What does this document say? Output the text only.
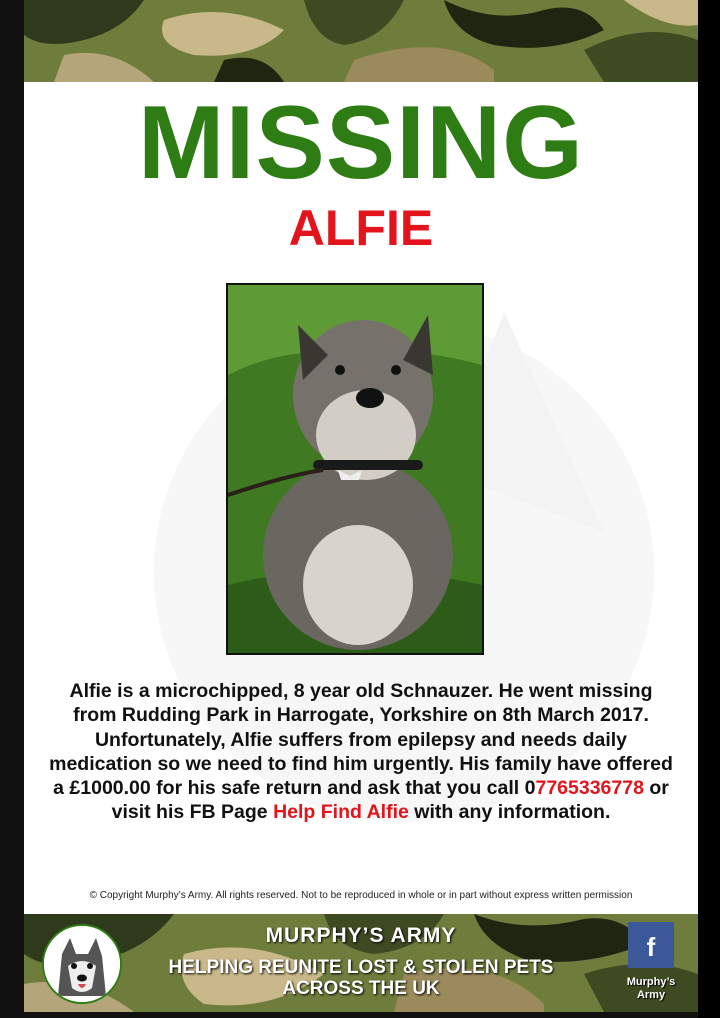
MISSING
ALFIE
Alfie is a microchipped, 8 year old Schnauzer. He went missing from Rudding Park in Harrogate, Yorkshire on 8th March 2017. Unfortunately, Alfie suffers from epilepsy and needs daily medication so we need to find him urgently. His family have offered a £1000.00 for his safe return and ask that you call 07765336778 or visit his FB Page Help Find Alfie with any information.
© Copyright Murphy’s Army. All rights reserved. Not to be reproduced in whole or in part without express written permission
MURPHY’S ARMY
HELPING REUNITE LOST & STOLEN PETS
ACROSS THE UK
f
Murphy’s Army
